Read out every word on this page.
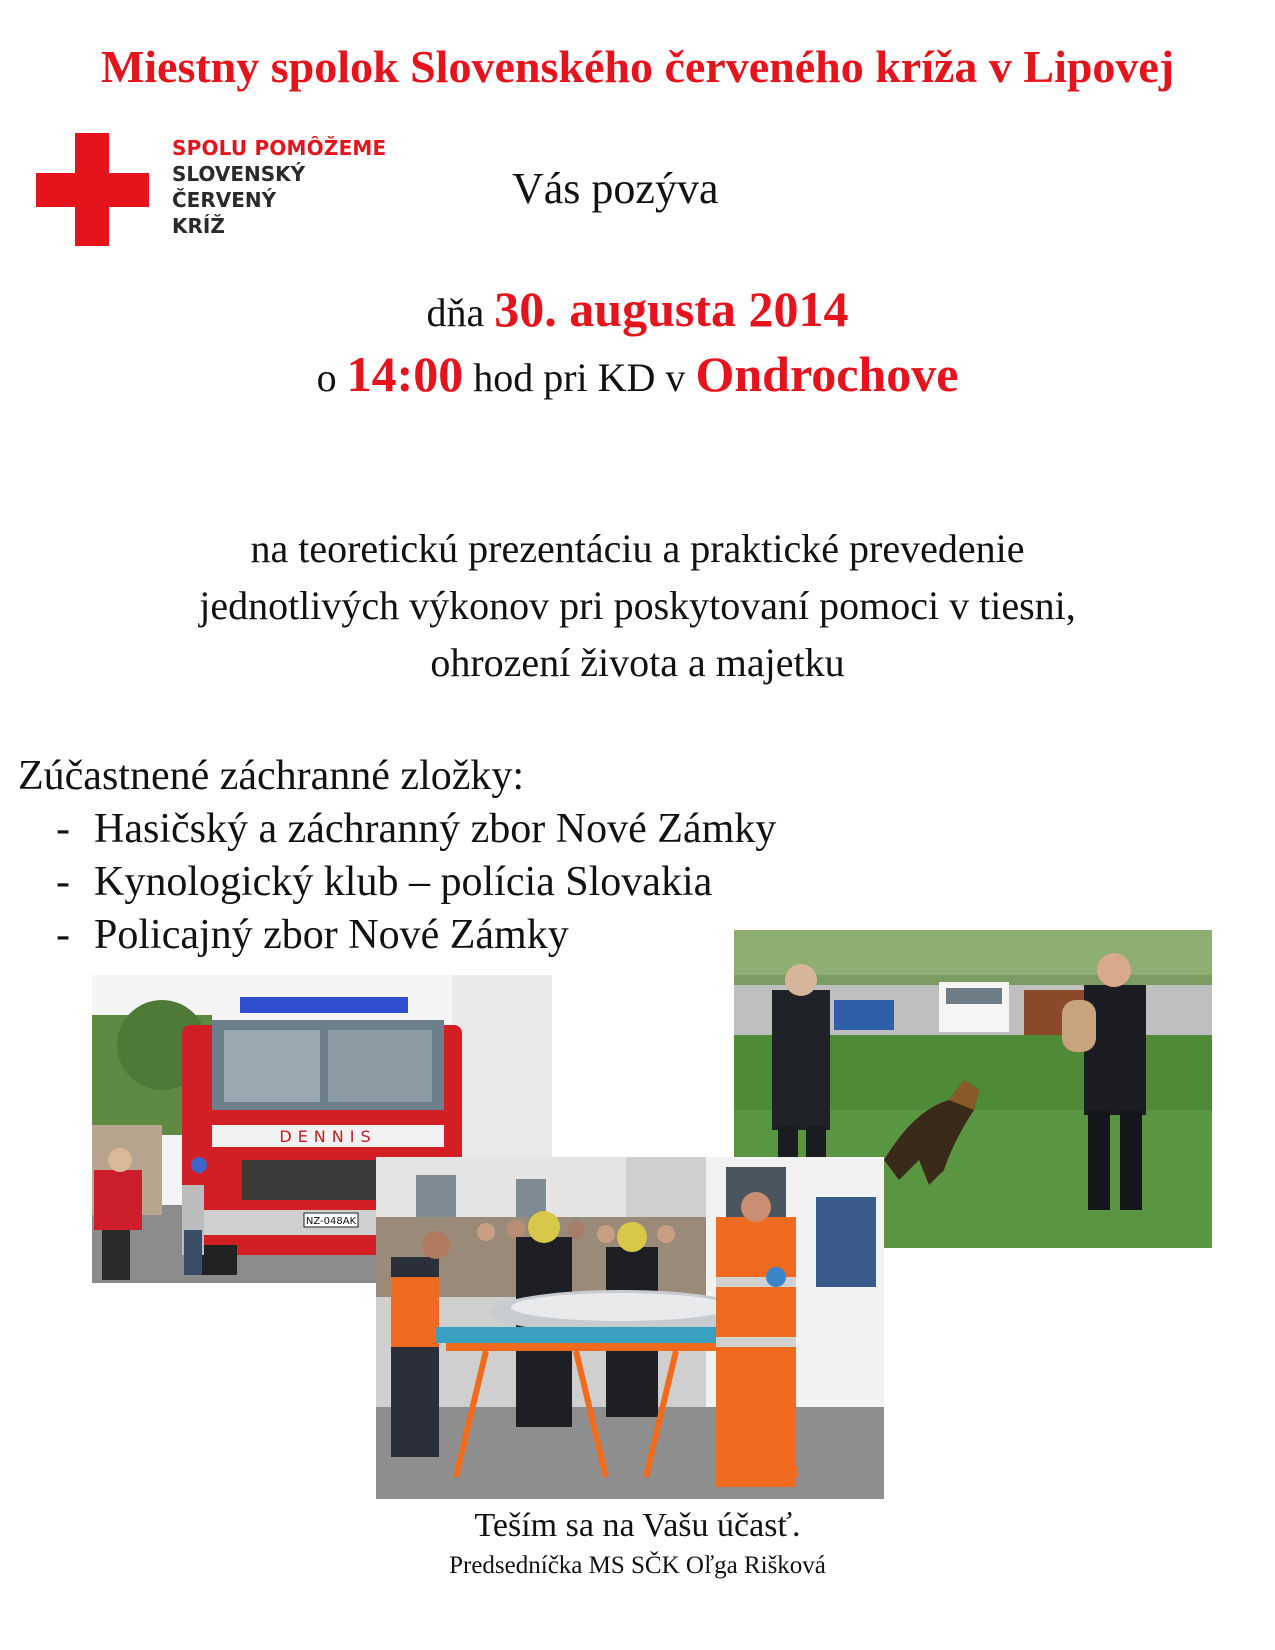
Miestny spolok Slovenského červeného kríža v Lipovej
SPOLU POMÔŽEME
SLOVENSKÝ
ČERVENÝ
KRÍŽ
Vás pozýva
dňa 30. augusta 2014
o 14:00 hod pri KD v Ondrochove
na teoretickú prezentáciu a praktické prevedenie
jednotlivých výkonov pri poskytovaní pomoci v tiesni,
ohrození života a majetku
Zúčastnené záchranné zložky:
- Hasičský a záchranný zbor Nové Zámky
- Kynologický klub – polícia Slovakia
- Policajný zbor Nové Zámky
DENNIS
NZ-048AK
Teším sa na Vašu účasť.
Predsedníčka MS SČK Oľga Rišková
